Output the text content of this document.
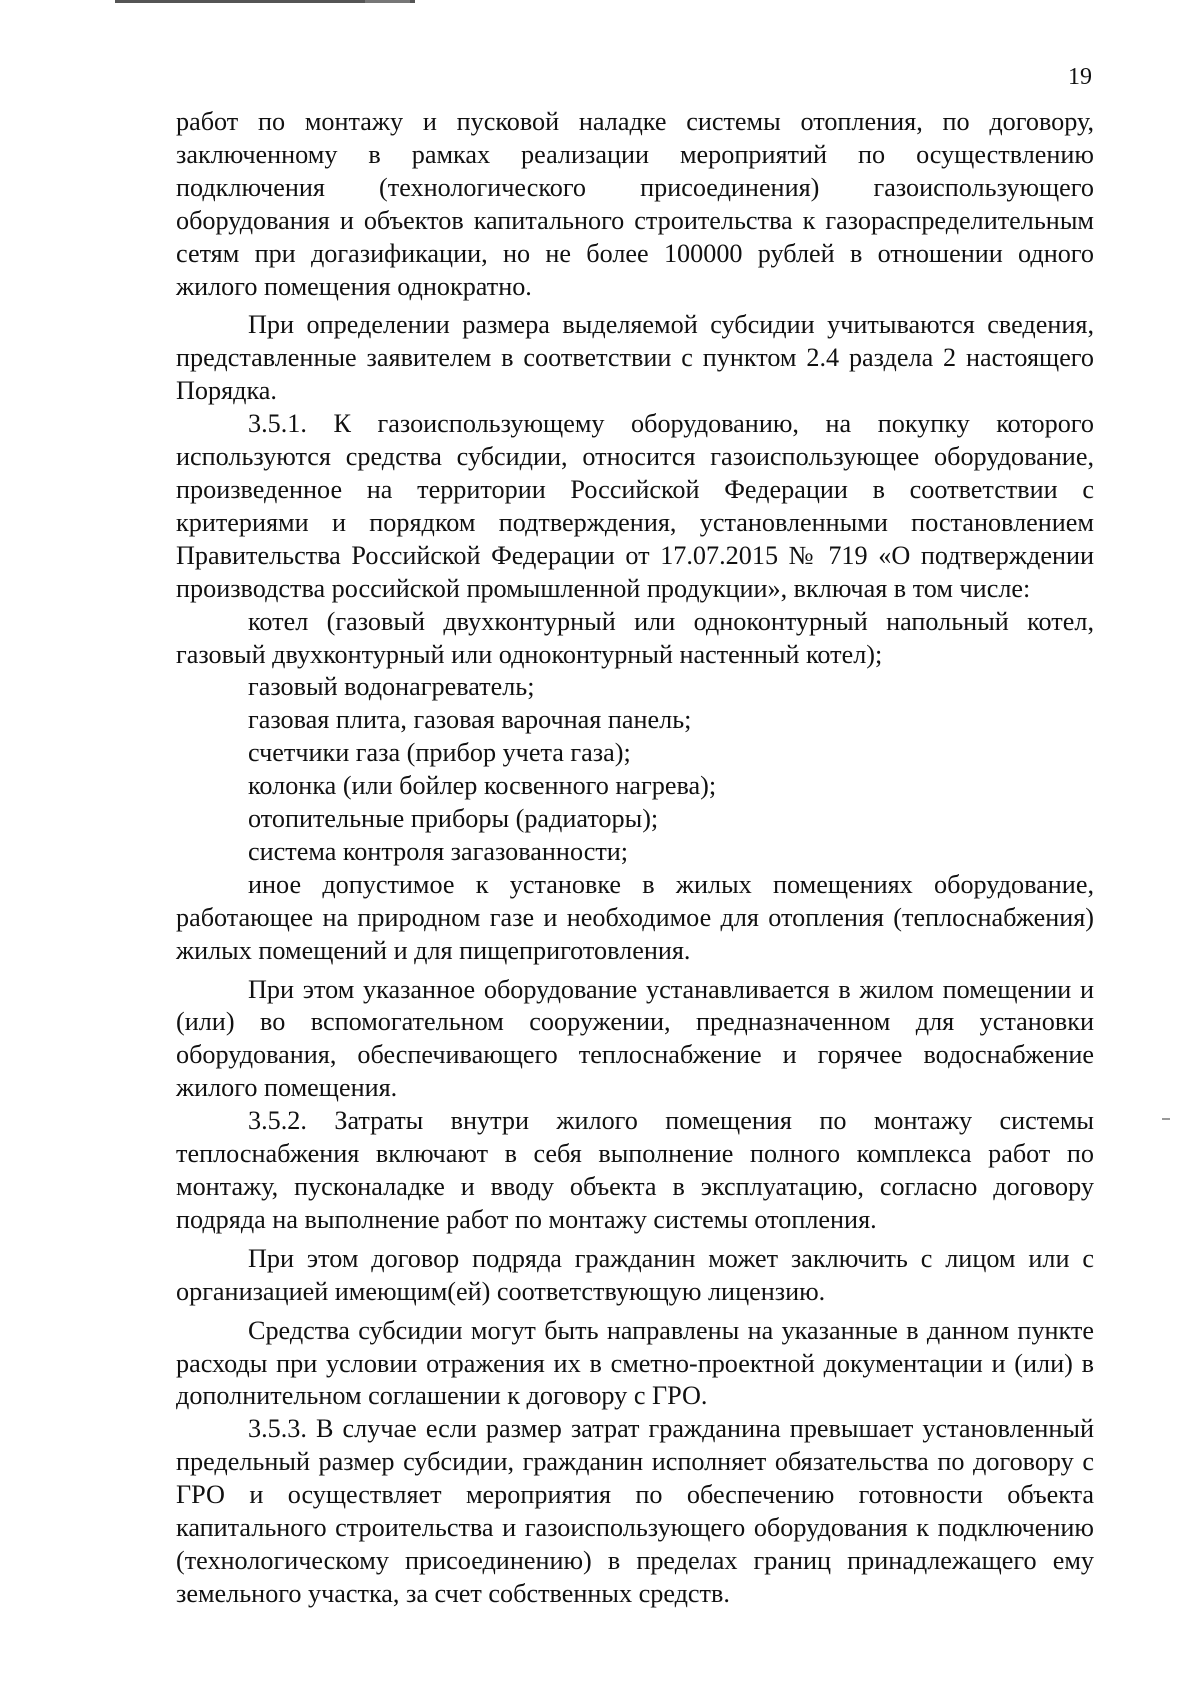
19

работ по монтажу и пусковой наладке системы отопления, по договору, заключенному в рамках реализации мероприятий по осуществлению подключения (технологического присоединения) газоиспользующего оборудования и объектов капитального строительства к газораспределительным сетям при догазификации, но не более 100000 рублей в отношении одного жилого помещения однократно.

При определении размера выделяемой субсидии учитываются сведения, представленные заявителем в соответствии с пунктом 2.4 раздела 2 настоящего Порядка.

3.5.1. К газоиспользующему оборудованию, на покупку которого используются средства субсидии, относится газоиспользующее оборудование, произведенное на территории Российской Федерации в соответствии с критериями и порядком подтверждения, установленными постановлением Правительства Российской Федерации от 17.07.2015 № 719 «О подтверждении производства российской промышленной продукции», включая в том числе:

котел (газовый двухконтурный или одноконтурный напольный котел, газовый двухконтурный или одноконтурный настенный котел);

газовый водонагреватель;

газовая плита, газовая варочная панель;

счетчики газа (прибор учета газа);

колонка (или бойлер косвенного нагрева);

отопительные приборы (радиаторы);

система контроля загазованности;

иное допустимое к установке в жилых помещениях оборудование, работающее на природном газе и необходимое для отопления (теплоснабжения) жилых помещений и для пищеприготовления.

При этом указанное оборудование устанавливается в жилом помещении и (или) во вспомогательном сооружении, предназначенном для установки оборудования, обеспечивающего теплоснабжение и горячее водоснабжение жилого помещения.

3.5.2. Затраты внутри жилого помещения по монтажу системы теплоснабжения включают в себя выполнение полного комплекса работ по монтажу, пусконаладке и вводу объекта в эксплуатацию, согласно договору подряда на выполнение работ по монтажу системы отопления.

При этом договор подряда гражданин может заключить с лицом или с организацией имеющим(ей) соответствующую лицензию.

Средства субсидии могут быть направлены на указанные в данном пункте расходы при условии отражения их в сметно-проектной документации и (или) в дополнительном соглашении к договору с ГРО.

3.5.3. В случае если размер затрат гражданина превышает установленный предельный размер субсидии, гражданин исполняет обязательства по договору с ГРО и осуществляет мероприятия по обеспечению готовности объекта капитального строительства и газоиспользующего оборудования к подключению (технологическому присоединению) в пределах границ принадлежащего ему земельного участка, за счет собственных средств.
